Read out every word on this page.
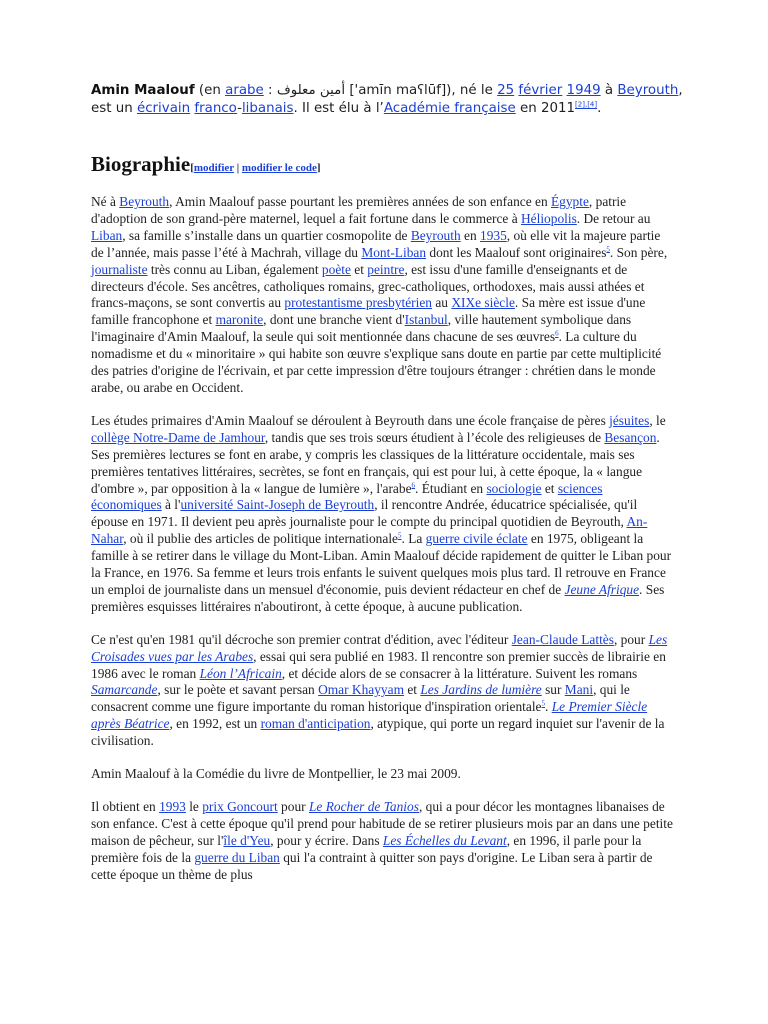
Amin Maalouf (en arabe : أمين معلوف ['amīn maʕlūf]), né le 25 février 1949 à Beyrouth, est un écrivain franco-libanais. Il est élu à l’Académie française en 2011[2],[4].

Biographie[modifier | modifier le code]

Né à Beyrouth, Amin Maalouf passe pourtant les premières années de son enfance en Égypte, patrie d'adoption de son grand-père maternel, lequel a fait fortune dans le commerce à Héliopolis. De retour au Liban, sa famille s’installe dans un quartier cosmopolite de Beyrouth en 1935, où elle vit la majeure partie de l’année, mais passe l’été à Machrah, village du Mont-Liban dont les Maalouf sont originaires$^5$. Son père, journaliste très connu au Liban, également poète et peintre, est issu d'une famille d'enseignants et de directeurs d'école. Ses ancêtres, catholiques romains, grec-catholiques, orthodoxes, mais aussi athées et francs-maçons, se sont convertis au protestantisme presbytérien au XIXe siècle. Sa mère est issue d'une famille francophone et maronite, dont une branche vient d'Istanbul, ville hautement symbolique dans l'imaginaire d'Amin Maalouf, la seule qui soit mentionnée dans chacune de ses œuvres$^6$. La culture du nomadisme et du « minoritaire » qui habite son œuvre s'explique sans doute en partie par cette multiplicité des patries d'origine de l'écrivain, et par cette impression d'être toujours étranger : chrétien dans le monde arabe, ou arabe en Occident.

Les études primaires d'Amin Maalouf se déroulent à Beyrouth dans une école française de pères jésuites, le collège Notre-Dame de Jamhour, tandis que ses trois sœurs étudient à l’école des religieuses de Besançon. Ses premières lectures se font en arabe, y compris les classiques de la littérature occidentale, mais ses premières tentatives littéraires, secrètes, se font en français, qui est pour lui, à cette époque, la « langue d'ombre », par opposition à la « langue de lumière », l'arabe$^6$. Étudiant en sociologie et sciences économiques à l'université Saint-Joseph de Beyrouth, il rencontre Andrée, éducatrice spécialisée, qu'il épouse en 1971. Il devient peu après journaliste pour le compte du principal quotidien de Beyrouth, An-Nahar, où il publie des articles de politique internationale$^5$. La guerre civile éclate en 1975, obligeant la famille à se retirer dans le village du Mont-Liban. Amin Maalouf décide rapidement de quitter le Liban pour la France, en 1976. Sa femme et leurs trois enfants le suivent quelques mois plus tard. Il retrouve en France un emploi de journaliste dans un mensuel d'économie, puis devient rédacteur en chef de Jeune Afrique. Ses premières esquisses littéraires n'aboutiront, à cette époque, à aucune publication.

Ce n'est qu'en 1981 qu'il décroche son premier contrat d'édition, avec l'éditeur Jean-Claude Lattès, pour Les Croisades vues par les Arabes, essai qui sera publié en 1983. Il rencontre son premier succès de librairie en 1986 avec le roman Léon l’Africain, et décide alors de se consacrer à la littérature. Suivent les romans Samarcande, sur le poète et savant persan Omar Khayyam et Les Jardins de lumière sur Mani, qui le consacrent comme une figure importante du roman historique d'inspiration orientale$^5$. Le Premier Siècle après Béatrice, en 1992, est un roman d'anticipation, atypique, qui porte un regard inquiet sur l'avenir de la civilisation.

Amin Maalouf à la Comédie du livre de Montpellier, le 23 mai 2009.

Il obtient en 1993 le prix Goncourt pour Le Rocher de Tanios, qui a pour décor les montagnes libanaises de son enfance. C'est à cette époque qu'il prend pour habitude de se retirer plusieurs mois par an dans une petite maison de pêcheur, sur l'île d'Yeu, pour y écrire. Dans Les Échelles du Levant, en 1996, il parle pour la première fois de la guerre du Liban qui l'a contraint à quitter son pays d'origine. Le Liban sera à partir de cette époque un thème de plus
